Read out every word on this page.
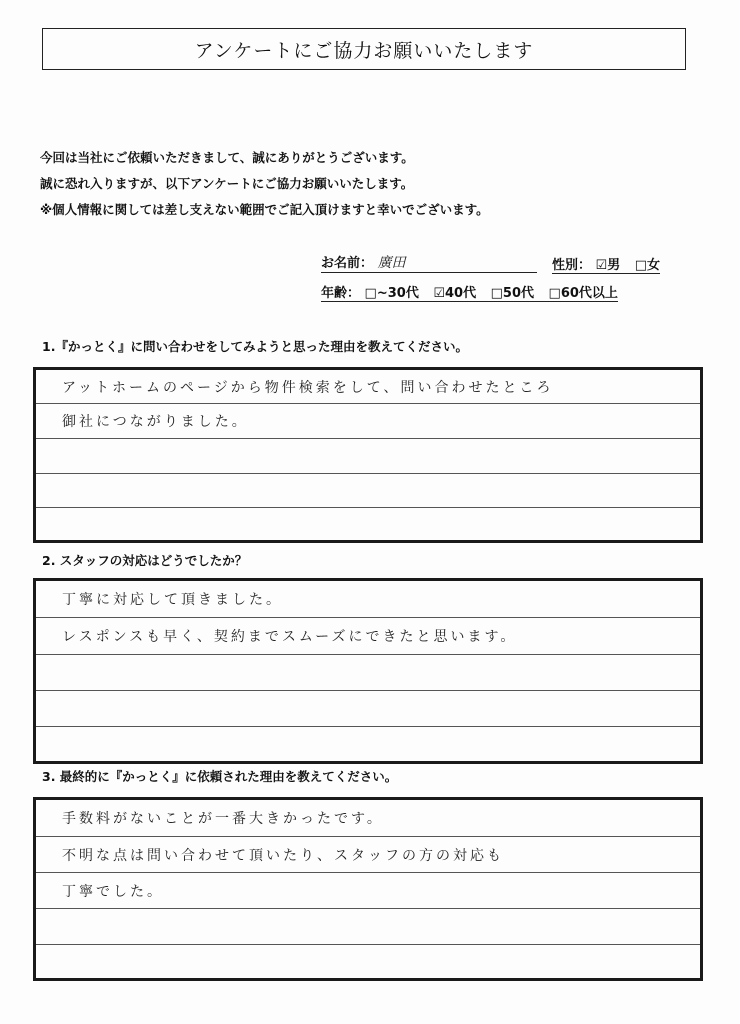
アンケートにご協力お願いいたします
今回は当社にご依頼いただきまして、誠にありがとうございます。
誠に恐れ入りますが、以下アンケートにご協力お願いいたします。
※個人情報に関しては差し支えない範囲でご記入頂けますと幸いでございます。
お名前： 廣田	性別： ☑男 □女
年齢： □~30代 ☑40代 □50代 □60代以上
1.『かっとく』に問い合わせをしてみようと思った理由を教えてください。
アットホームのページから物件検索をして、問い合わせたところ
御社につながりました。
2. スタッフの対応はどうでしたか？
丁寧に対応して頂きました。
レスポンスも早く、契約までスムーズにできたと思います。
3. 最終的に『かっとく』に依頼された理由を教えてください。
手数料がないことが一番大きかったです。
不明な点は問い合わせて頂いたり、スタッフの方の対応も
丁寧でした。
